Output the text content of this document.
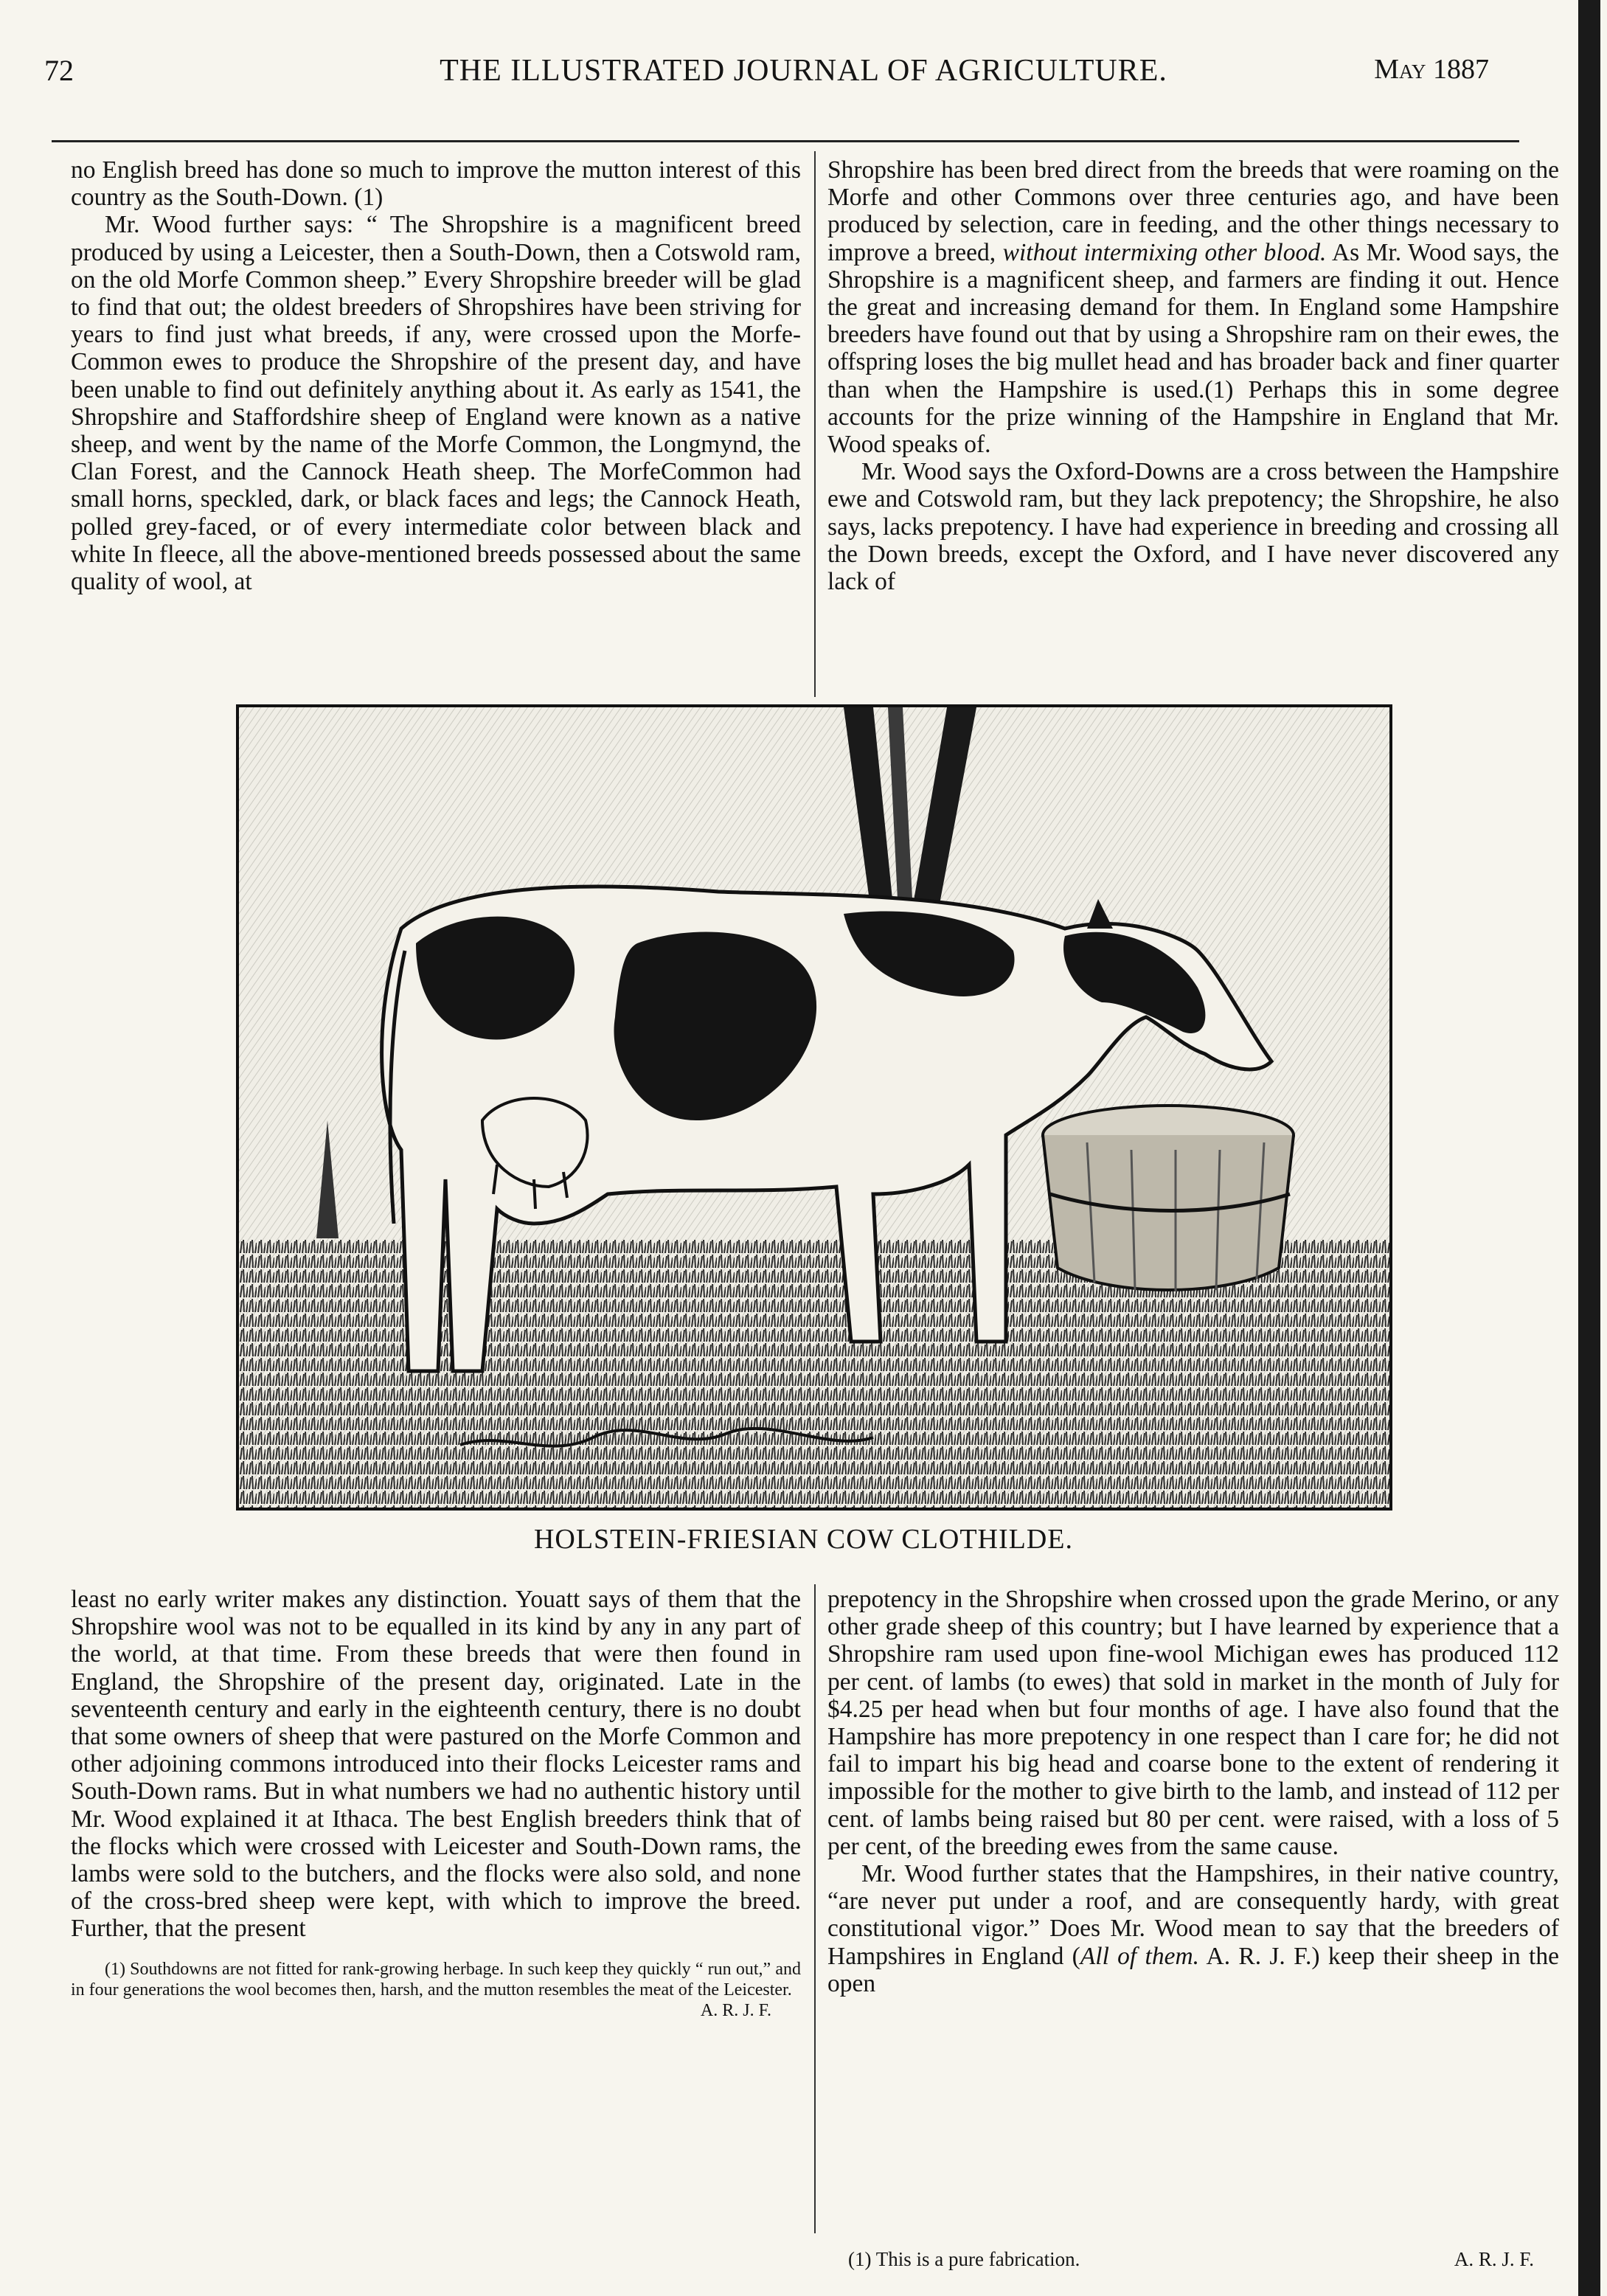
72	THE ILLUSTRATED JOURNAL OF AGRICULTURE.	May 1887

no English breed has done so much to improve the mutton interest of this country as the South-Down. (1)

Mr. Wood further says: “ The Shropshire is a magnificent breed produced by using a Leicester, then a South-Down, then a Cotswold ram, on the old Morfe Common sheep.” Every Shropshire breeder will be glad to find that out; the oldest breeders of Shropshires have been striving for years to find just what breeds, if any, were crossed upon the Morfe-Common ewes to produce the Shropshire of the present day, and have been unable to find out definitely anything about it. As early as 1541, the Shropshire and Staffordshire sheep of England were known as a native sheep, and went by the name of the Morfe Common, the Longmynd, the Clan Forest, and the Cannock Heath sheep. The MorfeCommon had small horns, speckled, dark, or black faces and legs; the Cannock Heath, polled grey-faced, or of every intermediate color between black and white In fleece, all the above-mentioned breeds possessed about the same quality of wool, at

Shropshire has been bred direct from the breeds that were roaming on the Morfe and other Commons over three centuries ago, and have been produced by selection, care in feeding, and the other things necessary to improve a breed, without intermixing other blood. As Mr. Wood says, the Shropshire is a magnificent sheep, and farmers are finding it out. Hence the great and increasing demand for them. In England some Hampshire breeders have found out that by using a Shropshire ram on their ewes, the offspring loses the big mullet head and has broader back and finer quarter than when the Hampshire is used.(1) Perhaps this in some degree accounts for the prize winning of the Hampshire in England that Mr. Wood speaks of.

Mr. Wood says the Oxford-Downs are a cross between the Hampshire ewe and Cotswold ram, but they lack prepotency; the Shropshire, he also says, lacks prepotency. I have had experience in breeding and crossing all the Down breeds, except the Oxford, and I have never discovered any lack of

HOLSTEIN-FRIESIAN COW CLOTHILDE.

least no early writer makes any distinction. Youatt says of them that the Shropshire wool was not to be equalled in its kind by any in any part of the world, at that time. From these breeds that were then found in England, the Shropshire of the present day, originated. Late in the seventeenth century and early in the eighteenth century, there is no doubt that some owners of sheep that were pastured on the Morfe Common and other adjoining commons introduced into their flocks Leicester rams and South-Down rams. But in what numbers we had no authentic history until Mr. Wood explained it at Ithaca. The best English breeders think that of the flocks which were crossed with Leicester and South-Down rams, the lambs were sold to the butchers, and the flocks were also sold, and none of the cross-bred sheep were kept, with which to improve the breed. Further, that the present

(1) Southdowns are not fitted for rank-growing herbage. In such keep they quickly “ run out,” and in four generations the wool becomes then, harsh, and the mutton resembles the meat of the Leicester.

A. R. J. F.

prepotency in the Shropshire when crossed upon the grade Merino, or any other grade sheep of this country; but I have learned by experience that a Shropshire ram used upon fine-wool Michigan ewes has produced 112 per cent. of lambs (to ewes) that sold in market in the month of July for $4.25 per head when but four months of age. I have also found that the Hampshire has more prepotency in one respect than I care for; he did not fail to impart his big head and coarse bone to the extent of rendering it impossible for the mother to give birth to the lamb, and instead of 112 per cent. of lambs being raised but 80 per cent. were raised, with a loss of 5 per cent, of the breeding ewes from the same cause.

Mr. Wood further states that the Hampshires, in their native country, “are never put under a roof, and are consequently hardy, with great constitutional vigor.” Does Mr. Wood mean to say that the breeders of Hampshires in England (All of them. A. R. J. F.) keep their sheep in the open

(1) This is a pure fabrication.	A. R. J. F.
